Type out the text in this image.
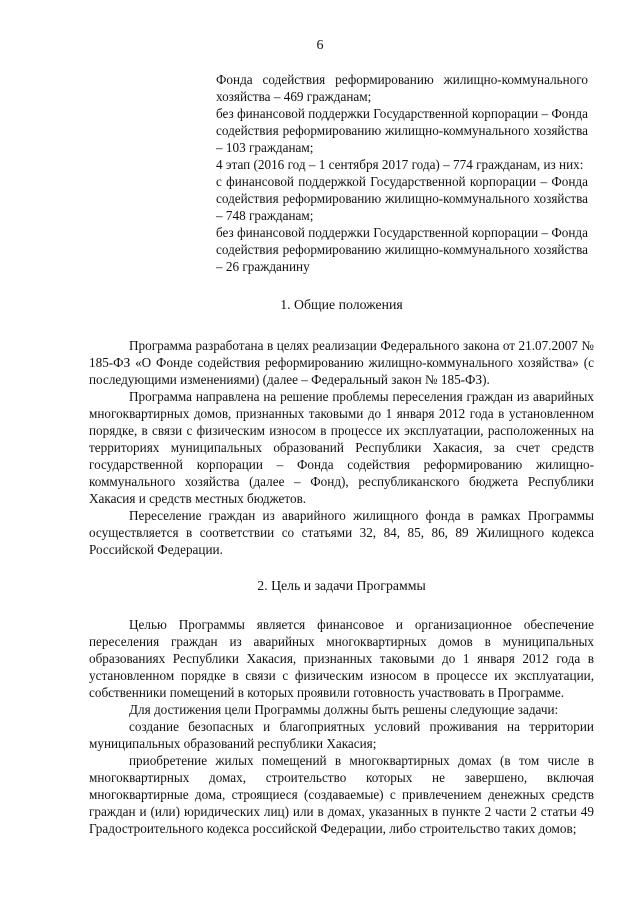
6

Фонда содействия реформированию жилищно-коммунального хозяйства – 469 гражданам;

без финансовой поддержки Государственной корпорации – Фонда содействия реформированию жилищно-коммунального хозяйства – 103 гражданам;

4 этап (2016 год – 1 сентября 2017 года) – 774 гражданам, из них:

с финансовой поддержкой Государственной корпорации – Фонда содействия реформированию жилищно-коммунального хозяйства – 748 гражданам;

без финансовой поддержки Государственной корпорации – Фонда содействия реформированию жилищно-коммунального хозяйства – 26 гражданину

1. Общие положения

Программа разработана в целях реализации Федерального закона от 21.07.2007 № 185-ФЗ «О Фонде содействия реформированию жилищно-коммунального хозяйства» (с последующими изменениями) (далее – Федеральный закон № 185-ФЗ).

Программа направлена на решение проблемы переселения граждан из аварийных многоквартирных домов, признанных таковыми до 1 января 2012 года в установленном порядке, в связи с физическим износом в процессе их эксплуатации, расположенных на территориях муниципальных образований Республики Хакасия, за счет средств государственной корпорации – Фонда содействия реформированию жилищно-коммунального хозяйства (далее – Фонд), республиканского бюджета Республики Хакасия и средств местных бюджетов.

Переселение граждан из аварийного жилищного фонда в рамках Программы осуществляется в соответствии со статьями 32, 84, 85, 86, 89 Жилищного кодекса Российской Федерации.

2. Цель и задачи Программы

Целью Программы является финансовое и организационное обеспечение переселения граждан из аварийных многоквартирных домов в муниципальных образованиях Республики Хакасия, признанных таковыми до 1 января 2012 года в установленном порядке в связи с физическим износом в процессе их эксплуатации, собственники помещений в которых проявили готовность участвовать в Программе.

Для достижения цели Программы должны быть решены следующие задачи:

создание безопасных и благоприятных условий проживания на территории муниципальных образований республики Хакасия;

приобретение жилых помещений в многоквартирных домах (в том числе в многоквартирных домах, строительство которых не завершено, включая многоквартирные дома, строящиеся (создаваемые) с привлечением денежных средств граждан и (или) юридических лиц) или в домах, указанных в пункте 2 части 2 статьи 49 Градостроительного кодекса российской Федерации, либо строительство таких домов;
